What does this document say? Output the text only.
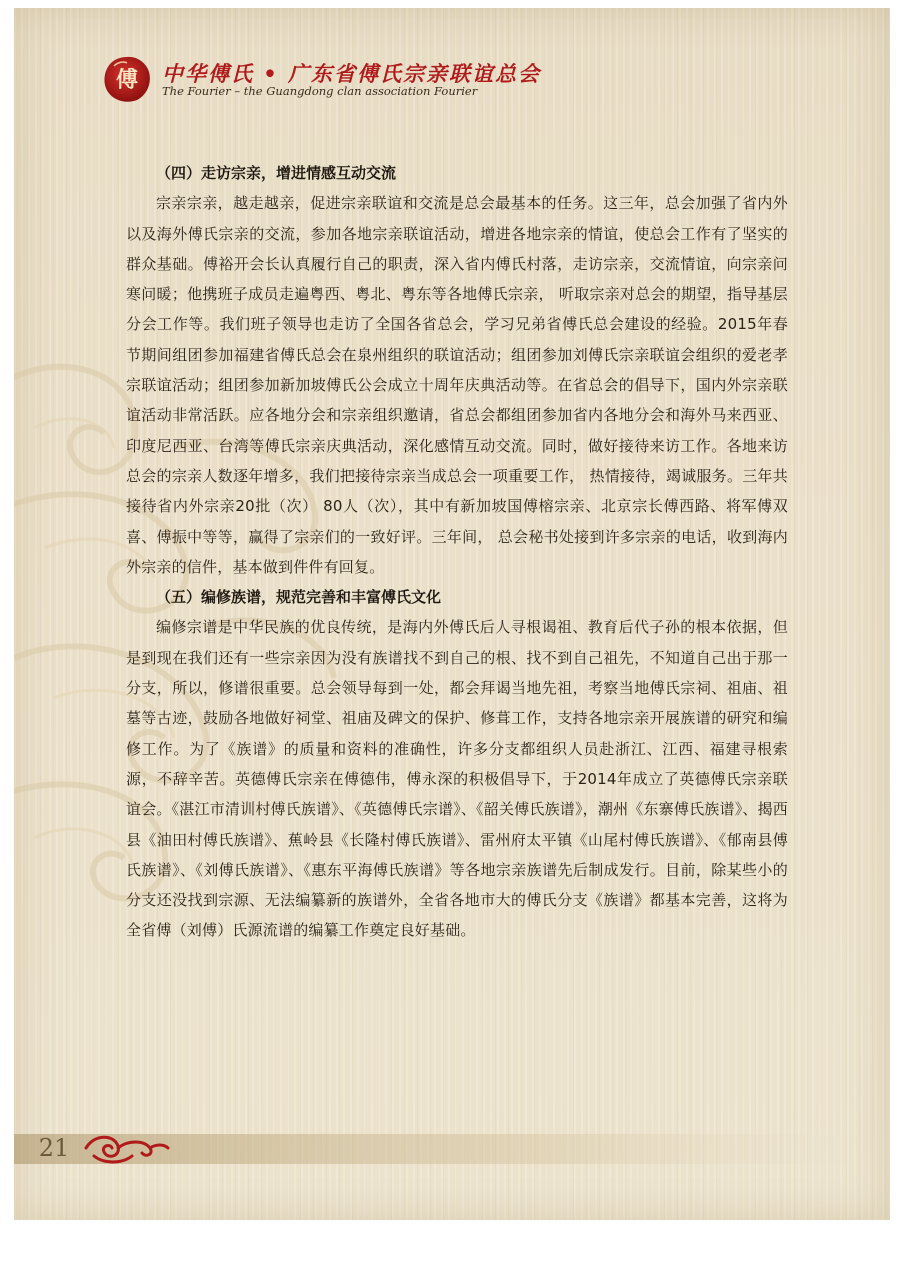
傅 中华傅氏 • 广东省傅氏宗亲联谊总会
The Fourier – the Guangdong clan association Fourier
（四）走访宗亲，增进情感互动交流

宗亲宗亲，越走越亲，促进宗亲联谊和交流是总会最基本的任务。这三年，总会加强了省内外以及海外傅氏宗亲的交流，参加各地宗亲联谊活动，增进各地宗亲的情谊，使总会工作有了坚实的群众基础。傅裕开会长认真履行自己的职责，深入省内傅氏村落，走访宗亲，交流情谊，向宗亲问寒问暖；他携班子成员走遍粤西、粤北、粤东等各地傅氏宗亲， 听取宗亲对总会的期望，指导基层分会工作等。我们班子领导也走访了全国各省总会，学习兄弟省傅氏总会建设的经验。2015年春节期间组团参加福建省傅氏总会在泉州组织的联谊活动；组团参加刘傅氏宗亲联谊会组织的爱老孝宗联谊活动；组团参加新加坡傅氏公会成立十周年庆典活动等。在省总会的倡导下，国内外宗亲联谊活动非常活跃。应各地分会和宗亲组织邀请，省总会都组团参加省内各地分会和海外马来西亚、印度尼西亚、台湾等傅氏宗亲庆典活动，深化感情互动交流。同时，做好接待来访工作。各地来访总会的宗亲人数逐年增多，我们把接待宗亲当成总会一项重要工作， 热情接待，竭诚服务。三年共接待省内外宗亲20批（次） 80人（次），其中有新加坡国傅榕宗亲、北京宗长傅西路、将军傅双喜、傅振中等等，赢得了宗亲们的一致好评。三年间， 总会秘书处接到许多宗亲的电话，收到海内外宗亲的信件，基本做到件件有回复。

（五）编修族谱，规范完善和丰富傅氏文化

编修宗谱是中华民族的优良传统，是海内外傅氏后人寻根谒祖、教育后代子孙的根本依据，但是到现在我们还有一些宗亲因为没有族谱找不到自己的根、找不到自己祖先，不知道自己出于那一分支，所以，修谱很重要。总会领导每到一处，都会拜谒当地先祖，考察当地傅氏宗祠、祖庙、祖墓等古迹，鼓励各地做好祠堂、祖庙及碑文的保护、修葺工作，支持各地宗亲开展族谱的研究和编修工作。为了《族谱》的质量和资料的准确性，许多分支都组织人员赴浙江、江西、福建寻根索源，不辞辛苦。英德傅氏宗亲在傅德伟，傅永深的积极倡导下，于2014年成立了英德傅氏宗亲联谊会。《湛江市清训村傅氏族谱》、《英德傅氏宗谱》、《韶关傅氏族谱》，潮州《东寨傅氏族谱》、揭西县《油田村傅氏族谱》、蕉岭县《长隆村傅氏族谱》、雷州府太平镇《山尾村傅氏族谱》、《郁南县傅氏族谱》、《刘傅氏族谱》、《惠东平海傅氏族谱》等各地宗亲族谱先后制成发行。目前，除某些小的分支还没找到宗源、无法编纂新的族谱外，全省各地市大的傅氏分支《族谱》都基本完善，这将为全省傅（刘傅）氏源流谱的编纂工作奠定良好基础。

21
